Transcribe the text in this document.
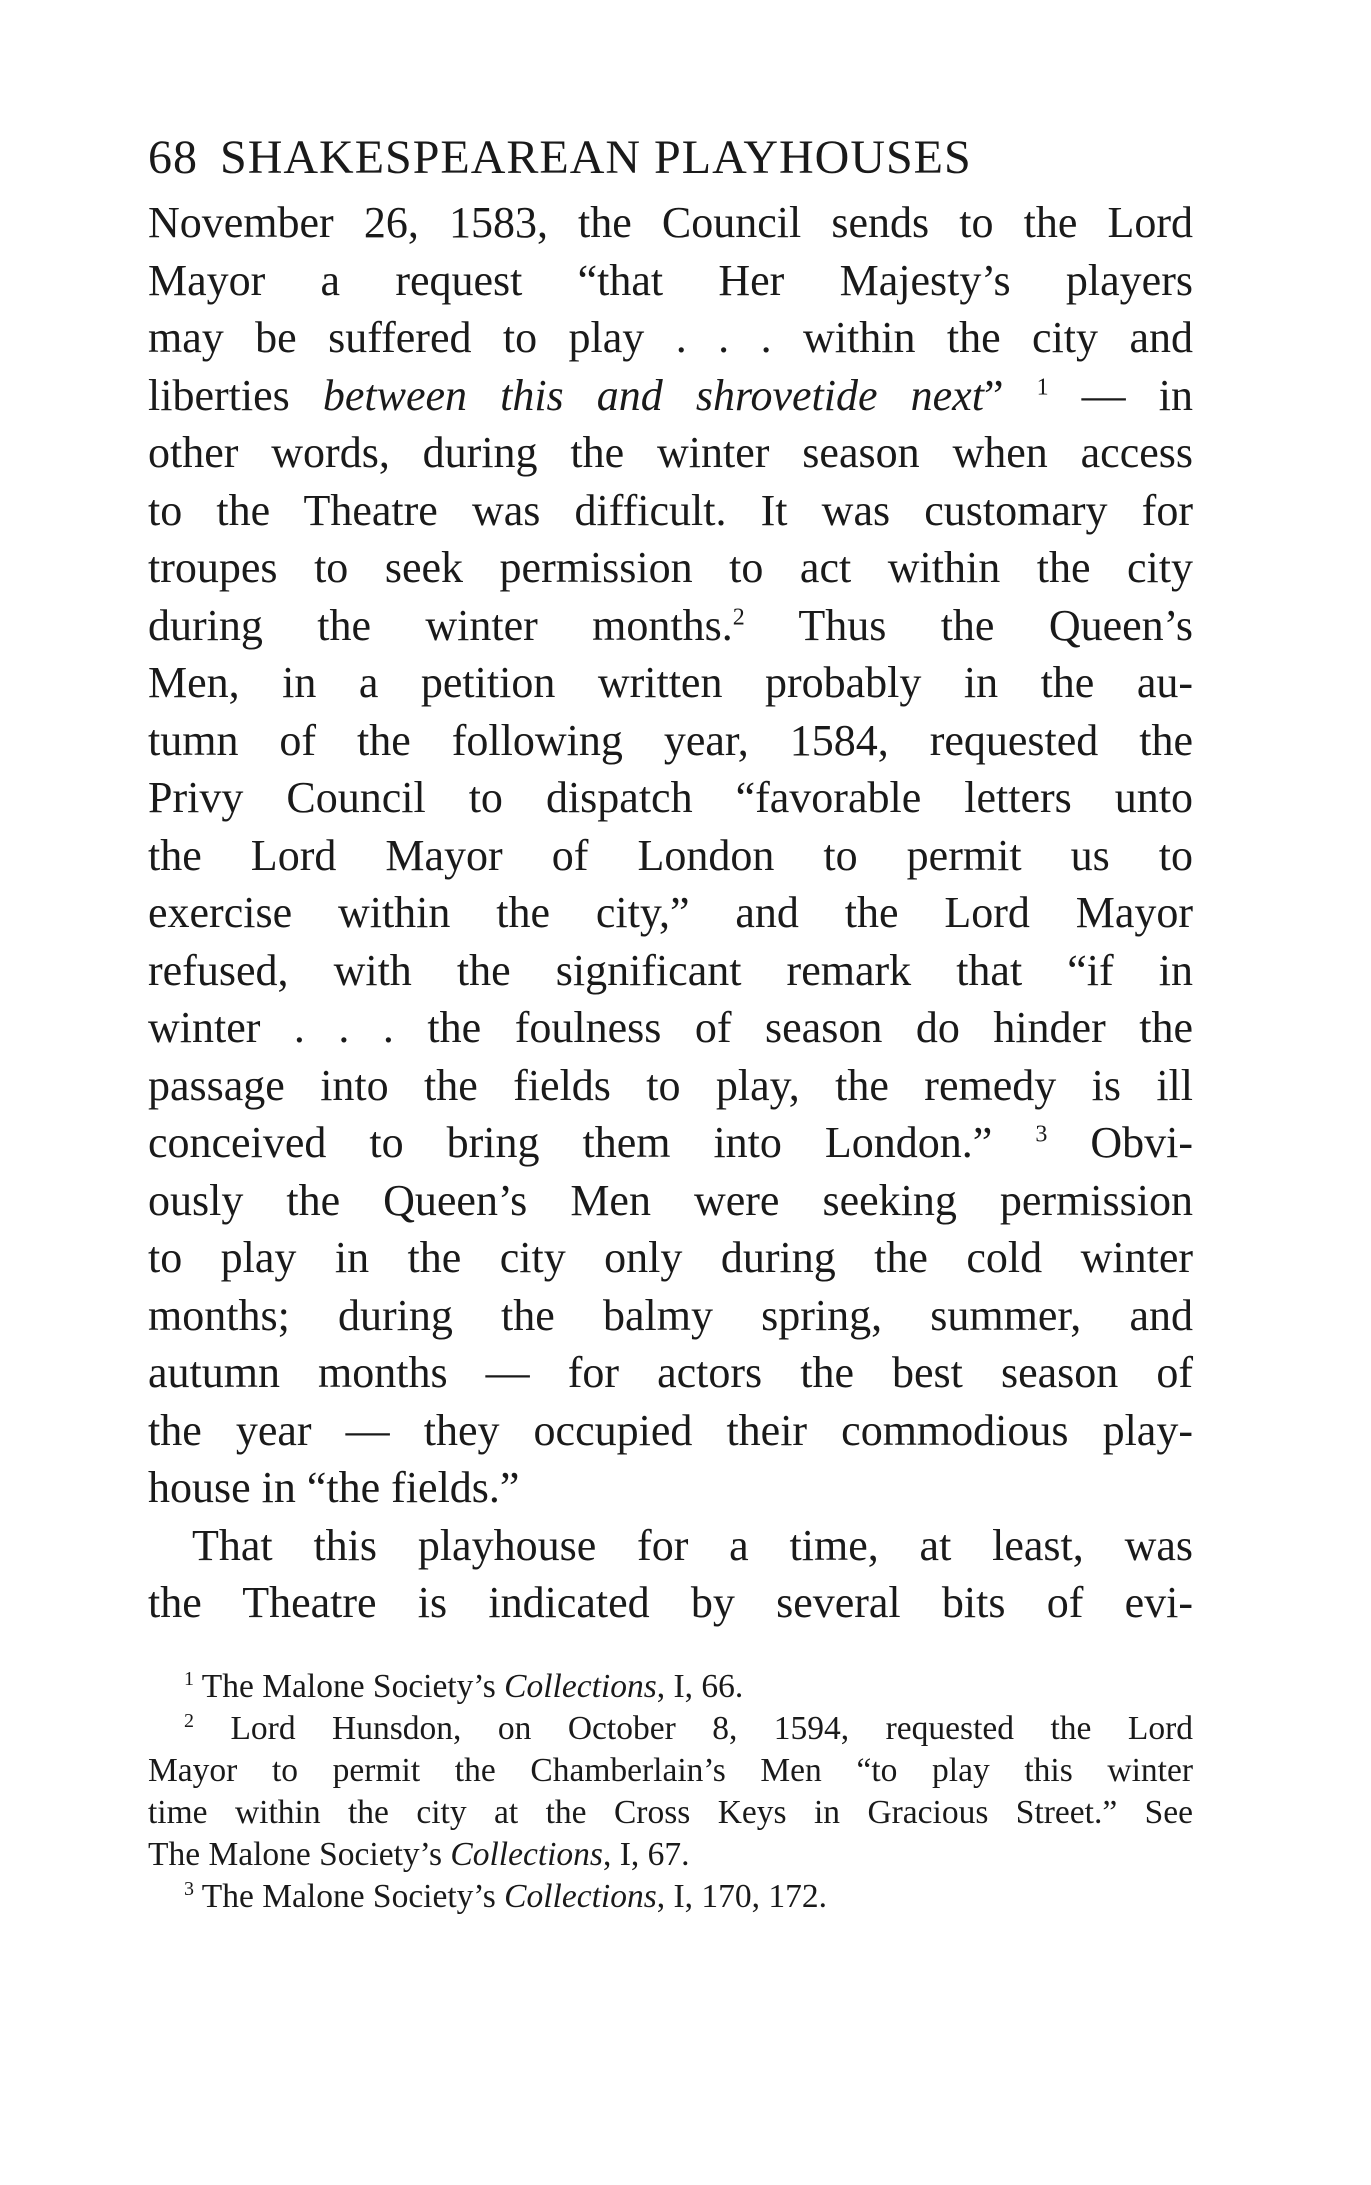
68 SHAKESPEAREAN PLAYHOUSES
November 26, 1583, the Council sends to the Lord
Mayor a request “that Her Majesty’s players
may be suffered to play . . . within the city and
liberties between this and shrovetide next” $^1$ — in
other words, during the winter season when access
to the Theatre was difficult. It was customary for
troupes to seek permission to act within the city
during the winter months.$^2$ Thus the Queen’s
Men, in a petition written probably in the au-
tumn of the following year, 1584, requested the
Privy Council to dispatch “favorable letters unto
the Lord Mayor of London to permit us to
exercise within the city,” and the Lord Mayor
refused, with the significant remark that “if in
winter . . . the foulness of season do hinder the
passage into the fields to play, the remedy is ill
conceived to bring them into London.” $^3$ Obvi-
ously the Queen’s Men were seeking permission
to play in the city only during the cold winter
months; during the balmy spring, summer, and
autumn months — for actors the best season of
the year — they occupied their commodious play-
house in “the fields.”
That this playhouse for a time, at least, was
the Theatre is indicated by several bits of evi-
$^1$ The Malone Society’s Collections, I, 66.
$^2$ Lord Hunsdon, on October 8, 1594, requested the Lord
Mayor to permit the Chamberlain’s Men “to play this winter
time within the city at the Cross Keys in Gracious Street.” See
The Malone Society’s Collections, I, 67.
$^3$ The Malone Society’s Collections, I, 170, 172.
